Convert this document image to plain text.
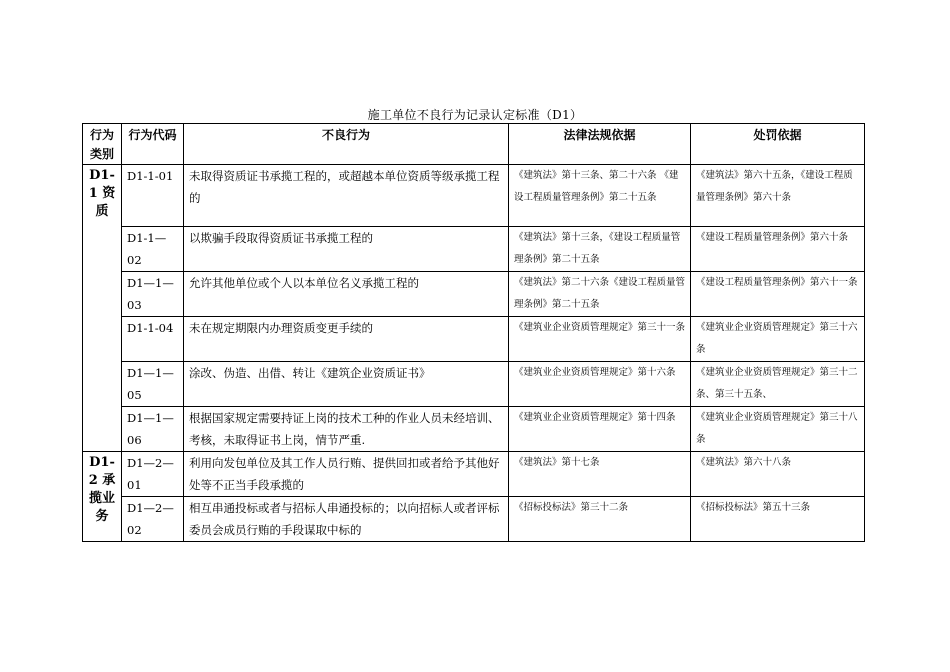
施工单位不良行为记录认定标准（D1）
行为类别	行为代码	不良行为	法律法规依据	处罚依据
D1-1 资质	D1-1-01	未取得资质证书承揽工程的，或超越本单位资质等级承揽工程的	《建筑法》第十三条、第二十六条 《建设工程质量管理条例》第二十五条	《建筑法》第六十五条，《建设工程质量管理条例》第六十条
	D1-1—02	以欺骗手段取得资质证书承揽工程的	《建筑法》第十三条，《建设工程质量管理条例》第二十五条	《建设工程质量管理条例》第六十条
	D1—1—03	允许其他单位或个人以本单位名义承揽工程的	《建筑法》第二十六条《建设工程质量管理条例》第二十五条	《建设工程质量管理条例》第六十一条
	D1-1-04	未在规定期限内办理资质变更手续的	《建筑业企业资质管理规定》第三十一条	《建筑业企业资质管理规定》第三十六条
	D1—1—05	涂改、伪造、出借、转让《建筑企业资质证书》	《建筑业企业资质管理规定》第十六条	《建筑业企业资质管理规定》第三十二条、第三十五条、
	D1—1—06	根据国家规定需要持证上岗的技术工种的作业人员未经培训、考核，未取得证书上岗，情节严重.	《建筑业企业资质管理规定》第十四条	《建筑业企业资质管理规定》第三十八条
D1-2 承揽业务	D1—2—01	利用向发包单位及其工作人员行贿、提供回扣或者给予其他好处等不正当手段承揽的	《建筑法》第十七条	《建筑法》第六十八条
	D1—2—02	相互串通投标或者与招标人串通投标的；以向招标人或者评标委员会成员行贿的手段谋取中标的	《招标投标法》第三十二条	《招标投标法》第五十三条
